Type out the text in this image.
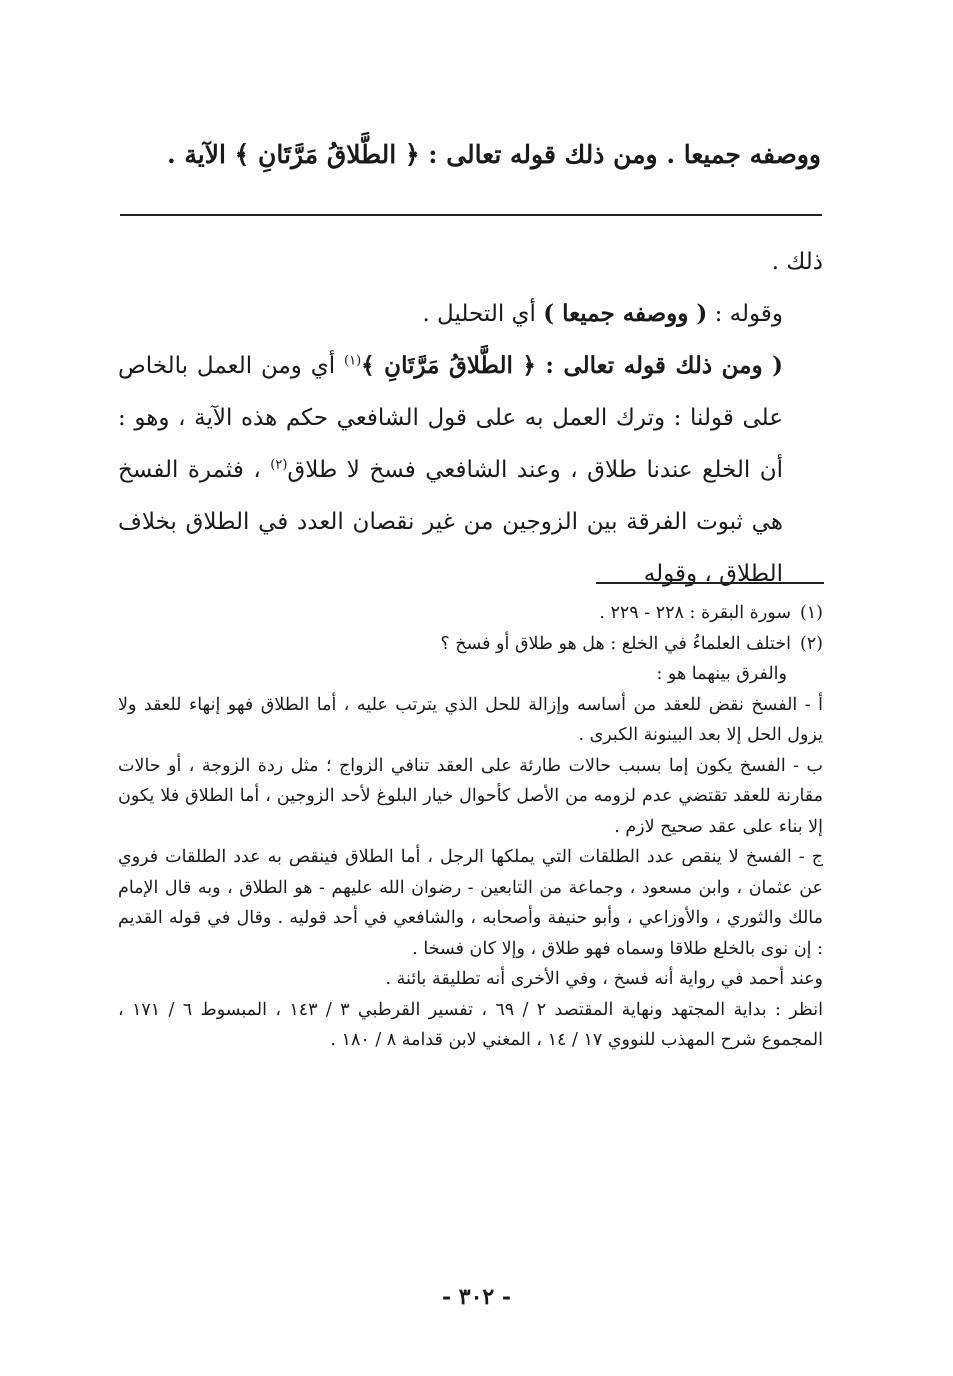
ووصفه جميعا . ومن ذلك قوله تعالى : ﴿ الطَّلاقُ مَرَّتَانِ ﴾ الآية .

ذلك .

وقوله : ( ووصفه جميعا ) أي التحليل .

( ومن ذلك قوله تعالى : ﴿ الطَّلاقُ مَرَّتَانِ ﴾$^{(١)}$ أي ومن العمل بالخاص على قولنا : وترك العمل به على قول الشافعي حكم هذه الآية ، وهو : أن الخلع عندنا طلاق ، وعند الشافعي فسخ لا طلاق$^{(٢)}$ ، فثمرة الفسخ هي ثبوت الفرقة بين الزوجين من غير نقصان العدد في الطلاق بخلاف الطلاق ، وقوله

(١)سورة البقرة : ٢٢٨ - ٢٢٩ .

(٢)اختلف العلماءُ في الخلع : هل هو طلاق أو فسخ ؟

والفرق بينهما هو :

أ - الفسخ نقض للعقد من أساسه وإزالة للحل الذي يترتب عليه ، أما الطلاق فهو إنهاء للعقد ولا يزول الحل إلا بعد البينونة الكبرى .

ب - الفسخ يكون إما بسبب حالات طارئة على العقد تنافي الزواج ؛ مثل ردة الزوجة ، أو حالات مقارنة للعقد تقتضي عدم لزومه من الأصل كأحوال خيار البلوغ لأحد الزوجين ، أما الطلاق فلا يكون إلا بناء على عقد صحيح لازم .

ج - الفسخ لا ينقص عدد الطلقات التي يملكها الرجل ، أما الطلاق فينقص به عدد الطلقات فروي عن عثمان ، وابن مسعود ، وجماعة من التابعين - رضوان الله عليهم - هو الطلاق ، وبه قال الإمام مالك والثوري ، والأوزاعي ، وأبو حنيفة وأصحابه ، والشافعي في أحد قوليه . وقال في قوله القديم : إن نوى بالخلع طلاقا وسماه فهو طلاق ، وإلا كان فسخا .

وعند أحمد في رواية أنه فسخ ، وفي الأخرى أنه تطليقة بائنة .

انظر : بداية المجتهد ونهاية المقتصد ٢ / ٦٩ ، تفسير القرطبي ٣ / ١٤٣ ، المبسوط ٦ / ١٧١ ، المجموع شرح المهذب للنووي ١٧ / ١٤ ، المغني لابن قدامة ٨ / ١٨٠ .

- ٣٠٢ -
